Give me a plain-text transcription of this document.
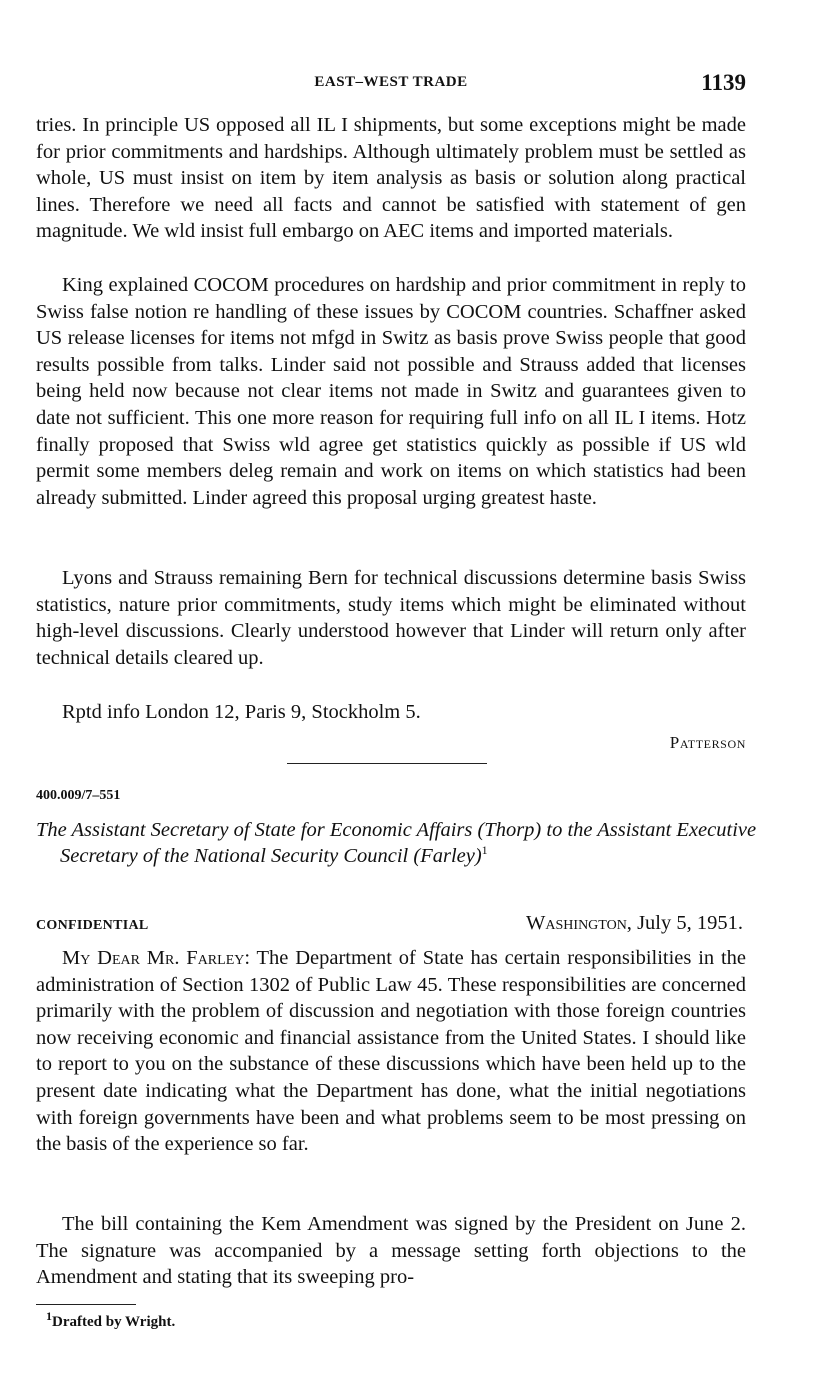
EAST–WEST TRADE	1139

tries. In principle US opposed all IL I shipments, but some exceptions might be made for prior commitments and hardships. Although ultimately problem must be settled as whole, US must insist on item by item analysis as basis or solution along practical lines. Therefore we need all facts and cannot be satisfied with statement of gen magnitude. We wld insist full embargo on AEC items and imported materials.

King explained COCOM procedures on hardship and prior commitment in reply to Swiss false notion re handling of these issues by COCOM countries. Schaffner asked US release licenses for items not mfgd in Switz as basis prove Swiss people that good results possible from talks. Linder said not possible and Strauss added that licenses being held now because not clear items not made in Switz and guarantees given to date not sufficient. This one more reason for requiring full info on all IL I items. Hotz finally proposed that Swiss wld agree get statistics quickly as possible if US wld permit some members deleg remain and work on items on which statistics had been already submitted. Linder agreed this proposal urging greatest haste.

Lyons and Strauss remaining Bern for technical discussions determine basis Swiss statistics, nature prior commitments, study items which might be eliminated without high-level discussions. Clearly understood however that Linder will return only after technical details cleared up.

Rptd info London 12, Paris 9, Stockholm 5.

Patterson
400.009/7–551

The Assistant Secretary of State for Economic Affairs (Thorp) to the Assistant Executive Secretary of the National Security Council (Farley)$^1$

CONFIDENTIAL	Washington, July 5, 1951.

My Dear Mr. Farley: The Department of State has certain responsibilities in the administration of Section 1302 of Public Law 45. These responsibilities are concerned primarily with the problem of discussion and negotiation with those foreign countries now receiving economic and financial assistance from the United States. I should like to report to you on the substance of these discussions which have been held up to the present date indicating what the Department has done, what the initial negotiations with foreign governments have been and what problems seem to be most pressing on the basis of the experience so far.

The bill containing the Kem Amendment was signed by the President on June 2. The signature was accompanied by a message setting forth objections to the Amendment and stating that its sweeping pro-

$^1$Drafted by Wright.
